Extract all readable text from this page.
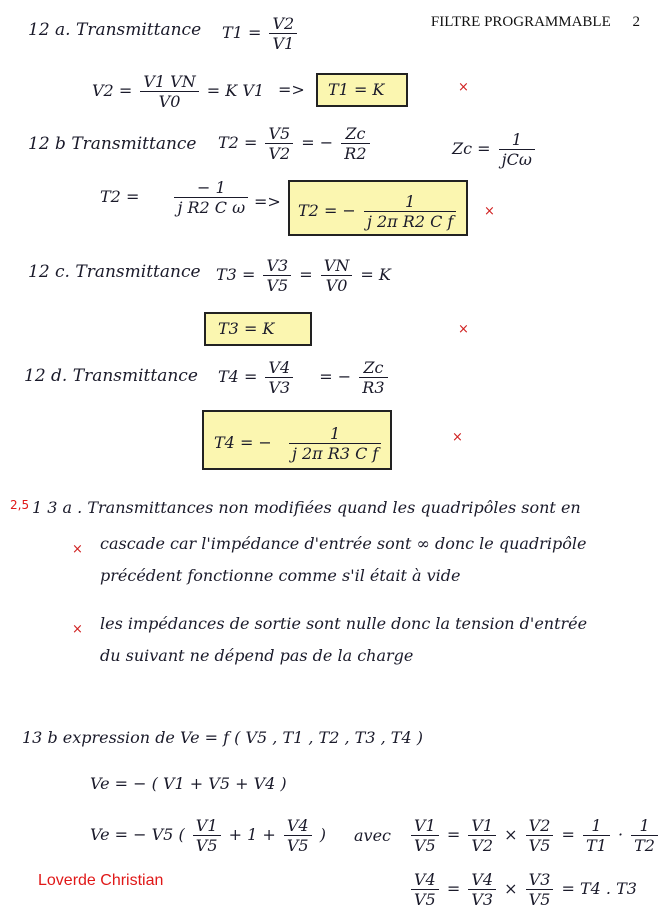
FILTRE PROGRAMMABLE 2
12 a. Transmittance $T1 = \frac{V2}{V1}$
$V2 = \frac{V1 VN}{V0} = K$ V1 => T1 = K	×
12 b Transmittance $T2 = \frac{V5}{V2}$ = − $\frac{Zc}{R2}$	$Zc = \frac{1}{\text{jCω}}$
$T2 = \frac{- 1}{\text{j R2 C ω}} => T2$ = − $\frac{1}{\text{j 2π R2 C f}}$ ×
12 c. Transmittance $T3 = \frac{V3}{V5} = \frac{VN}{V0} = K$
T3 = K	×
12 d. Transmittance $T4 = \frac{V4}{V3}$ = − $\frac{Zc}{R3}$
T4 = − $\frac{1}{\text{j 2π R3 C f}}$	×
2,5 1 3 a . Transmittances non modifiées quand les quadripôles sont en
× cascade car l'impédance d'entrée sont ∞ donc le quadripôle
précédent fonctionne comme s'il était à vide
× les impédances de sortie sont nulle donc la tension d'entrée
du suivant ne dépend pas de la charge
13 b expression de Ve = f ( V5 , T1 , T2 , T3 , T4 )
Ve = − ( V1 + V5 + V4 )
Ve = − V5 ( $\frac{V1}{V5} + 1 + \frac{V4}{V5}$ ) avec $\frac{V1}{V5} = \frac{V1}{V2} \times \frac{V2}{V5} = \frac{1}{T1} \cdot \frac{1}{T2}$
$\frac{V4}{V5} = \frac{V4}{V3} \times \frac{V3}{V5} = T4$ . T3
Loverde Christian
